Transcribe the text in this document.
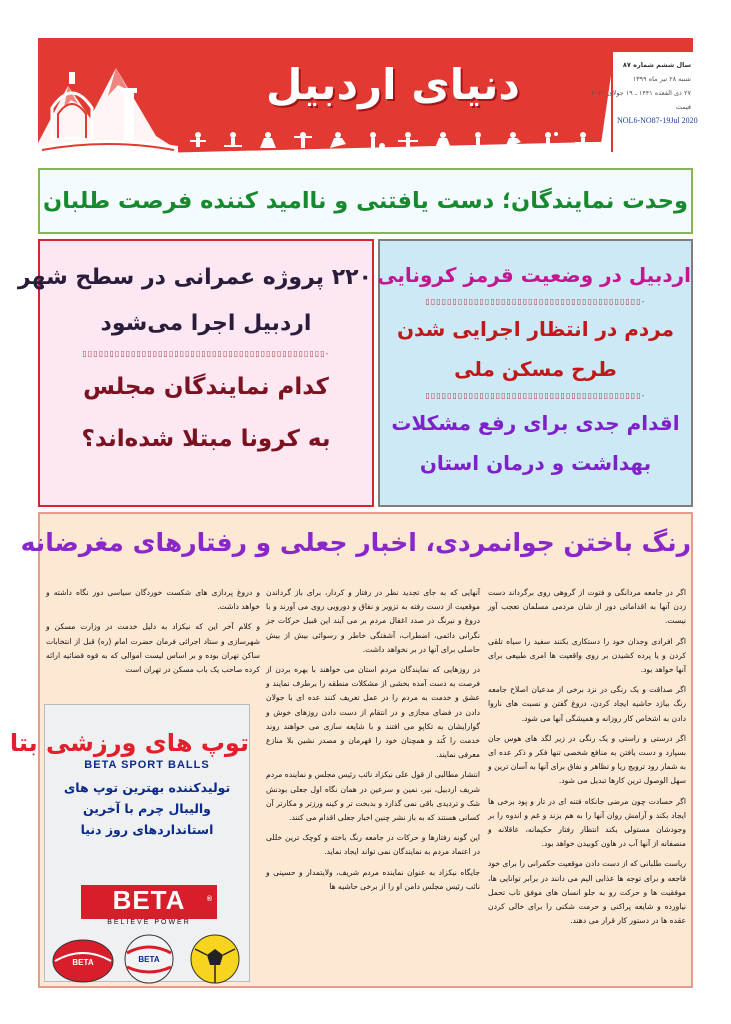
دنیای اردبیل	سال ششم شماره ۸۷
شنبه ۲۸ تیر ماه ۱۳۹۹
۲۷ ذی القعده ۱۴۴۱ ـ ۱۹ جولای ۲۰۲۰
قیمت
NOL6-NO87-19Jul 2020
وحدت نمایندگان؛ دست یافتنی و ناامید کننده فرصت طلبان
۲۲۰ پروژه عمرانی در سطح شهر
اردبیل اجرا می‌شود
-▯▯▯▯▯▯▯▯▯▯▯▯▯▯▯▯▯▯▯▯▯▯▯▯▯▯▯▯▯▯▯▯▯▯▯▯▯▯▯▯▯▯▯▯▯
کدام نمایندگان مجلس
به کرونا مبتلا شده‌اند؟
اردبیل در وضعیت قرمز کرونایی
-▯▯▯▯▯▯▯▯▯▯▯▯▯▯▯▯▯▯▯▯▯▯▯▯▯▯▯▯▯▯▯▯▯▯▯▯▯▯▯▯
مردم در انتظار اجرایی شدن
طرح مسکن ملی
-▯▯▯▯▯▯▯▯▯▯▯▯▯▯▯▯▯▯▯▯▯▯▯▯▯▯▯▯▯▯▯▯▯▯▯▯▯▯▯▯
اقدام جدی برای رفع مشکلات
بهداشت و درمان استان
رنگ باختن جوانمردی، اخبار جعلی و رفتارهای مغرضانه

اگر در جامعه مردانگی و فتوت از گروهی روی برگرداند دست زدن آنها به اقداماتی دور از شان مردمی مسلمان تعجب آور نیست.

اگر افرادی وجدان خود را دستکاری بکنند سفید را سیاه تلقی کردن و یا پرده کشیدن بر روی واقعیت ها امری طبیعی برای آنها خواهد بود.

اگر صداقت و یک رنگی در نزد برخی از مدعیان اصلاح جامعه رنگ ببازد حاشیه ایجاد کردن، دروغ گفتن و نسبت های ناروا دادن به اشخاص کار روزانه و همیشگی آنها می شود.

اگر درستی و راستی و یک رنگی در زیر لگد های هوس جان بسپارد و دست یافتن به منافع شخصی تنها فکر و ذکر عده ای به شمار رود ترویج ریا و تظاهر و نفاق برای آنها به آسان ترین و سهل الوصول ترین کارها تبدیل می شود.

اگر حسادت چون مرضی جانکاه فتنه ای در تار و پود برخی ها ایجاد بکند و آرامش روان آنها را به هم بزند و غم و اندوه را بر وجودشان مستولی بکند انتظار رفتار حکیمانه، عاقلانه و منصفانه از آنها آب در هاون کوبیدن خواهد بود.

ریاست طلبانی که از دست دادن موقعیت حکمرانی را برای خود فاجعه و برای توجه ها عذابی الیم می دانند در برابر توانایی ها، موفقیت ها و حرکت رو به جلو انسان های موفق تاب تحمل نیاورده و شایعه پراکنی و حرمت شکنی را برای خالی کردن عقده ها در دستور کار قرار می دهند.

آنهایی که به جای تجدید نظر در رفتار و کردار، برای باز گرداندن موقعیت از دست رفته به تزویر و نفاق و دورویی روی می آورند و با دروغ و نیرنگ در صدد اغفال مردم بر می آیند این قبیل حرکات جز نگرانی دائمی، اضطراب، آشفتگی خاطر و رسوائی بیش از بیش حاصلی برای آنها در بر نخواهد داشت.

در روزهایی که نمایندگان مردم استان می خواهند با بهره بردن از فرصت به دست آمده بخشی از مشکلات منطقه را برطرف نمایند و عشق و خدمت به مردم را در عمل تعریف کنند عده ای با جولان دادن در فضای مجازی و در انتقام از دست دادن روزهای خوش و گوارایشان به تکاپو می افتند و با شایعه سازی می خواهند روند خدمت را کُند و همچنان خود را قهرمان و مصدر نشین بلا منازع معرفی نمایند.

انتشار مطالبی از قول علی نیکزاد نائب رئیس مجلس و نماینده مردم شریف اردبیل، نیر، نمین و سرعین در همان نگاه اول جعلی بودنش شک و تردیدی باقی نمی گذارد و بدبخت تر و کینه ورزتر و مکارتر آن کسانی هستند که به باز نشر چنین اخبار جعلی اقدام می کنند.

این گونه رفتارها و حرکات در جامعه رنگ باخته و کوچک ترین خللی در اعتماد مردم به نمایندگان نمی تواند ایجاد نماید.

جایگاه نیکزاد به عنوان نماینده مردم شریف، ولایتمدار و حسینی و نائب رئیس مجلس دامن او را از برخی حاشیه ها

و دروغ پردازی های شکست خوردگان سیاسی دور نگاه داشته و خواهد داشت.

و کلام آخر این که نیکزاد به دلیل خدمت در وزارت مسکن و شهرسازی و ستاد اجرائی فرمان حضرت امام (ره) قبل از انتخابات ساکن تهران بوده و بر اساس لیست اموالی که به قوه قضائیه ارائه کرده صاحب یک باب مسکن در تهران است

توپ های ورزشی بتا
BETA SPORT BALLS
تولیدکننده بهترین توپ های والیبال چرم با آخرین استانداردهای روز دنیا
BETA	®
BELIEVE POWER
BETA	BETA
